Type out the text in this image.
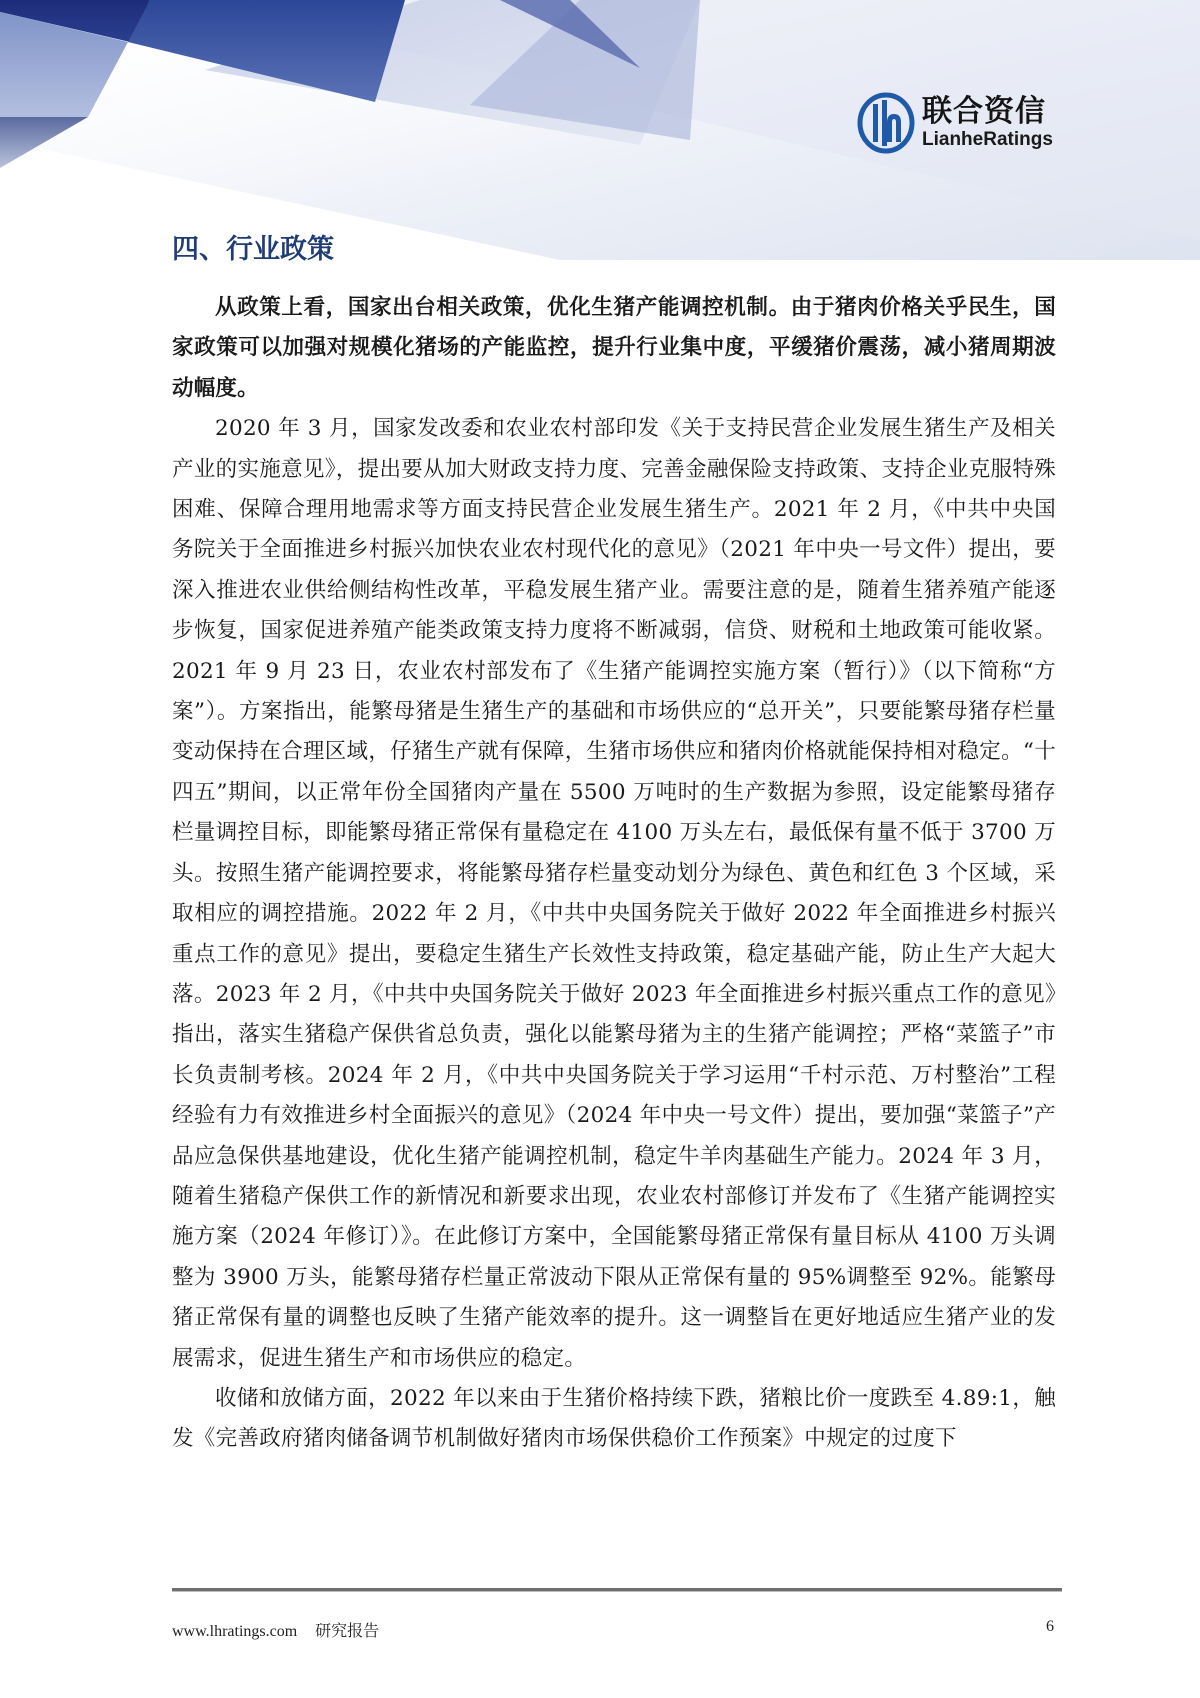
联合资信
LianheRatings
四、行业政策

从政策上看，国家出台相关政策，优化生猪产能调控机制。由于猪肉价格关乎民生，国家政策可以加强对规模化猪场的产能监控，提升行业集中度，平缓猪价震荡，减小猪周期波动幅度。

2020 年 3 月，国家发改委和农业农村部印发《关于支持民营企业发展生猪生产及相关产业的实施意见》，提出要从加大财政支持力度、完善金融保险支持政策、支持企业克服特殊困难、保障合理用地需求等方面支持民营企业发展生猪生产。2021 年 2 月，《中共中央国务院关于全面推进乡村振兴加快农业农村现代化的意见》（2021 年中央一号文件）提出，要深入推进农业供给侧结构性改革，平稳发展生猪产业。需要注意的是，随着生猪养殖产能逐步恢复，国家促进养殖产能类政策支持力度将不断减弱，信贷、财税和土地政策可能收紧。2021 年 9 月 23 日，农业农村部发布了《生猪产能调控实施方案（暂行）》（以下简称“方案”）。方案指出，能繁母猪是生猪生产的基础和市场供应的“总开关”，只要能繁母猪存栏量变动保持在合理区域，仔猪生产就有保障，生猪市场供应和猪肉价格就能保持相对稳定。“十四五”期间，以正常年份全国猪肉产量在 5500 万吨时的生产数据为参照，设定能繁母猪存栏量调控目标，即能繁母猪正常保有量稳定在 4100 万头左右，最低保有量不低于 3700 万头。按照生猪产能调控要求，将能繁母猪存栏量变动划分为绿色、黄色和红色 3 个区域，采取相应的调控措施。2022 年 2 月，《中共中央国务院关于做好 2022 年全面推进乡村振兴重点工作的意见》提出，要稳定生猪生产长效性支持政策，稳定基础产能，防止生产大起大落。2023 年 2 月，《中共中央国务院关于做好 2023 年全面推进乡村振兴重点工作的意见》指出，落实生猪稳产保供省总负责，强化以能繁母猪为主的生猪产能调控；严格“菜篮子”市长负责制考核。2024 年 2 月，《中共中央国务院关于学习运用“千村示范、万村整治”工程经验有力有效推进乡村全面振兴的意见》（2024 年中央一号文件）提出，要加强“菜篮子”产品应急保供基地建设，优化生猪产能调控机制，稳定牛羊肉基础生产能力。2024 年 3 月，随着生猪稳产保供工作的新情况和新要求出现，农业农村部修订并发布了《生猪产能调控实施方案（2024 年修订）》。在此修订方案中，全国能繁母猪正常保有量目标从 4100 万头调整为 3900 万头，能繁母猪存栏量正常波动下限从正常保有量的 95%调整至 92%。能繁母猪正常保有量的调整也反映了生猪产能效率的提升。这一调整旨在更好地适应生猪产业的发展需求，促进生猪生产和市场供应的稳定。

收储和放储方面，2022 年以来由于生猪价格持续下跌，猪粮比价一度跌至 4.89:1，触发《完善政府猪肉储备调节机制做好猪肉市场保供稳价工作预案》中规定的过度下

www.lhratings.com 研究报告	6
